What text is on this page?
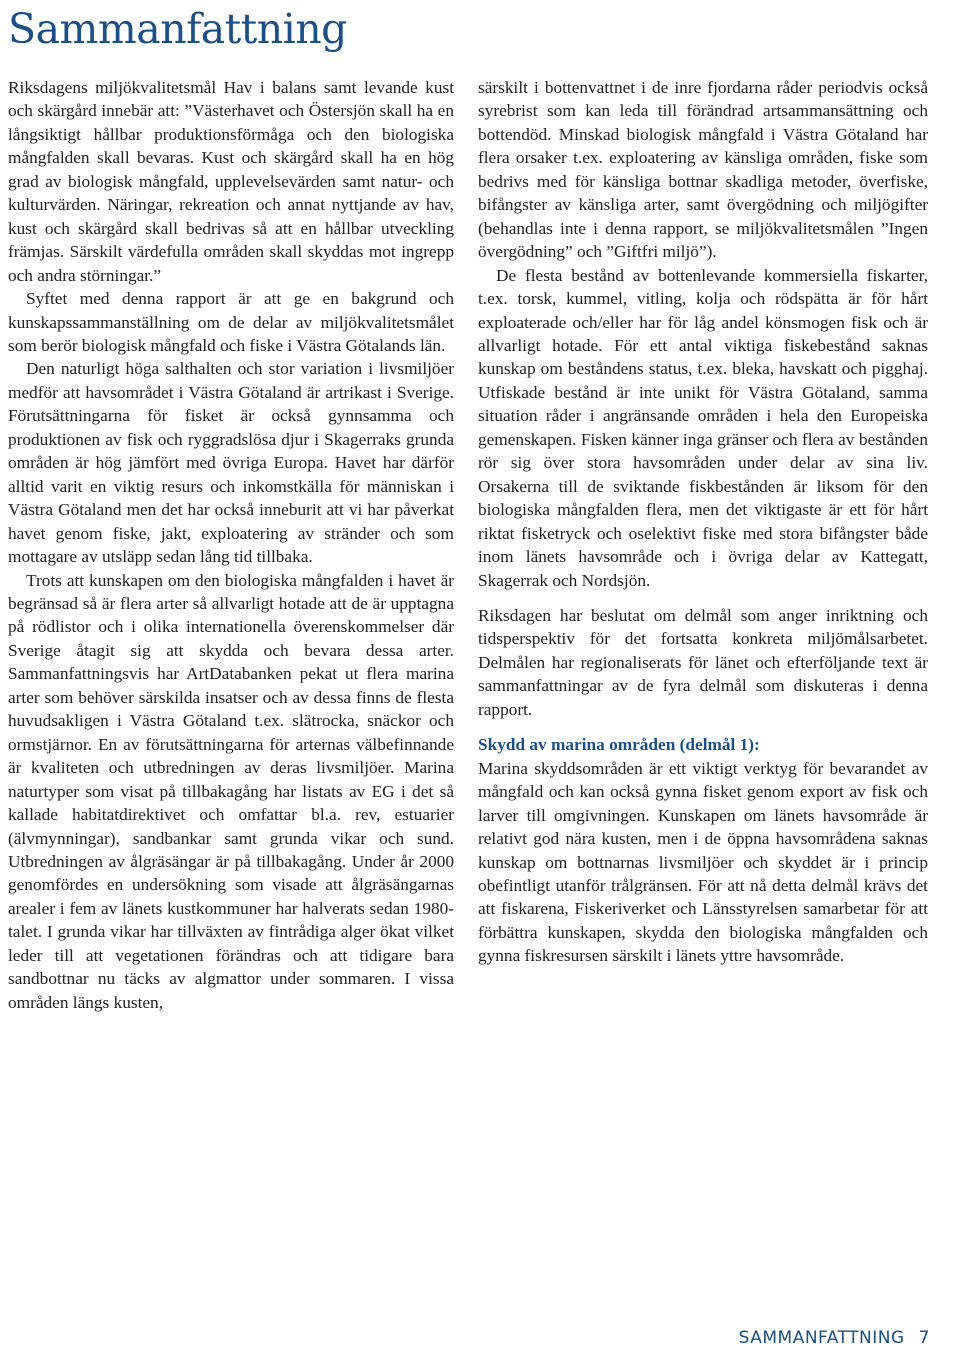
Sammanfattning

Riksdagens miljökvalitetsmål Hav i balans samt levande kust och skärgård innebär att: ”Västerhavet och Östersjön skall ha en långsiktigt hållbar produktionsförmåga och den biologiska mångfalden skall bevaras. Kust och skärgård skall ha en hög grad av biologisk mångfald, upplevelsevärden samt natur- och kulturvärden. Näringar, rekreation och annat nyttjande av hav, kust och skärgård skall bedrivas så att en hållbar utveckling främjas. Särskilt värdefulla områden skall skyddas mot ingrepp och andra störningar.”

Syftet med denna rapport är att ge en bakgrund och kunskapssammanställning om de delar av miljökvalitetsmålet som berör biologisk mångfald och fiske i Västra Götalands län.

Den naturligt höga salthalten och stor variation i livsmiljöer medför att havsområdet i Västra Götaland är artrikast i Sverige. Förutsättningarna för fisket är också gynnsamma och produktionen av fisk och ryggradslösa djur i Skagerraks grunda områden är hög jämfört med övriga Europa. Havet har därför alltid varit en viktig resurs och inkomstkälla för människan i Västra Götaland men det har också inneburit att vi har påverkat havet genom fiske, jakt, exploatering av stränder och som mottagare av utsläpp sedan lång tid tillbaka.

Trots att kunskapen om den biologiska mångfalden i havet är begränsad så är flera arter så allvarligt hotade att de är upptagna på rödlistor och i olika internationella överenskommelser där Sverige åtagit sig att skydda och bevara dessa arter. Sammanfattningsvis har ArtDatabanken pekat ut flera marina arter som behöver särskilda insatser och av dessa finns de flesta huvudsakligen i Västra Götaland t.ex. slätrocka, snäckor och ormstjärnor. En av förutsättningarna för arternas välbefinnande är kvaliteten och utbredningen av deras livsmiljöer. Marina naturtyper som visat på tillbakagång har listats av EG i det så kallade habitatdirektivet och omfattar bl.a. rev, estuarier (älvmynningar), sandbankar samt grunda vikar och sund. Utbredningen av ålgräsängar är på tillbakagång. Under år 2000 genomfördes en undersökning som visade att ålgräsängarnas arealer i fem av länets kustkommuner har halverats sedan 1980-talet. I grunda vikar har tillväxten av fintrådiga alger ökat vilket leder till att vegetationen förändras och att tidigare bara sandbottnar nu täcks av algmattor under sommaren. I vissa områden längs kusten,

särskilt i bottenvattnet i de inre fjordarna råder periodvis också syrebrist som kan leda till förändrad artsammansättning och bottendöd. Minskad biologisk mångfald i Västra Götaland har flera orsaker t.ex. exploatering av känsliga områden, fiske som bedrivs med för känsliga bottnar skadliga metoder, överfiske, bifångster av känsliga arter, samt övergödning och miljögifter (behandlas inte i denna rapport, se miljökvalitetsmålen ”Ingen övergödning” och ”Giftfri miljö”).

De flesta bestånd av bottenlevande kommersiella fiskarter, t.ex. torsk, kummel, vitling, kolja och rödspätta är för hårt exploaterade och/eller har för låg andel könsmogen fisk och är allvarligt hotade. För ett antal viktiga fiskebestånd saknas kunskap om beståndens status, t.ex. bleka, havskatt och pigghaj. Utfiskade bestånd är inte unikt för Västra Götaland, samma situation råder i angränsande områden i hela den Europeiska gemenskapen. Fisken känner inga gränser och flera av bestånden rör sig över stora havsområden under delar av sina liv. Orsakerna till de sviktande fiskbestånden är liksom för den biologiska mångfalden flera, men det viktigaste är ett för hårt riktat fisketryck och oselektivt fiske med stora bifångster både inom länets havsområde och i övriga delar av Kattegatt, Skagerrak och Nordsjön.

Riksdagen har beslutat om delmål som anger inriktning och tidsperspektiv för det fortsatta konkreta miljömålsarbetet. Delmålen har regionaliserats för länet och efterföljande text är sammanfattningar av de fyra delmål som diskuteras i denna rapport.

Skydd av marina områden (delmål 1):

Marina skyddsområden är ett viktigt verktyg för bevarandet av mångfald och kan också gynna fisket genom export av fisk och larver till omgivningen. Kunskapen om länets havsområde är relativt god nära kusten, men i de öppna havsområdena saknas kunskap om bottnarnas livsmiljöer och skyddet är i princip obefintligt utanför trålgränsen. För att nå detta delmål krävs det att fiskarena, Fiskeriverket och Länsstyrelsen samarbetar för att förbättra kunskapen, skydda den biologiska mångfalden och gynna fiskresursen särskilt i länets yttre havsområde.

SAMMANFATTNING 7
